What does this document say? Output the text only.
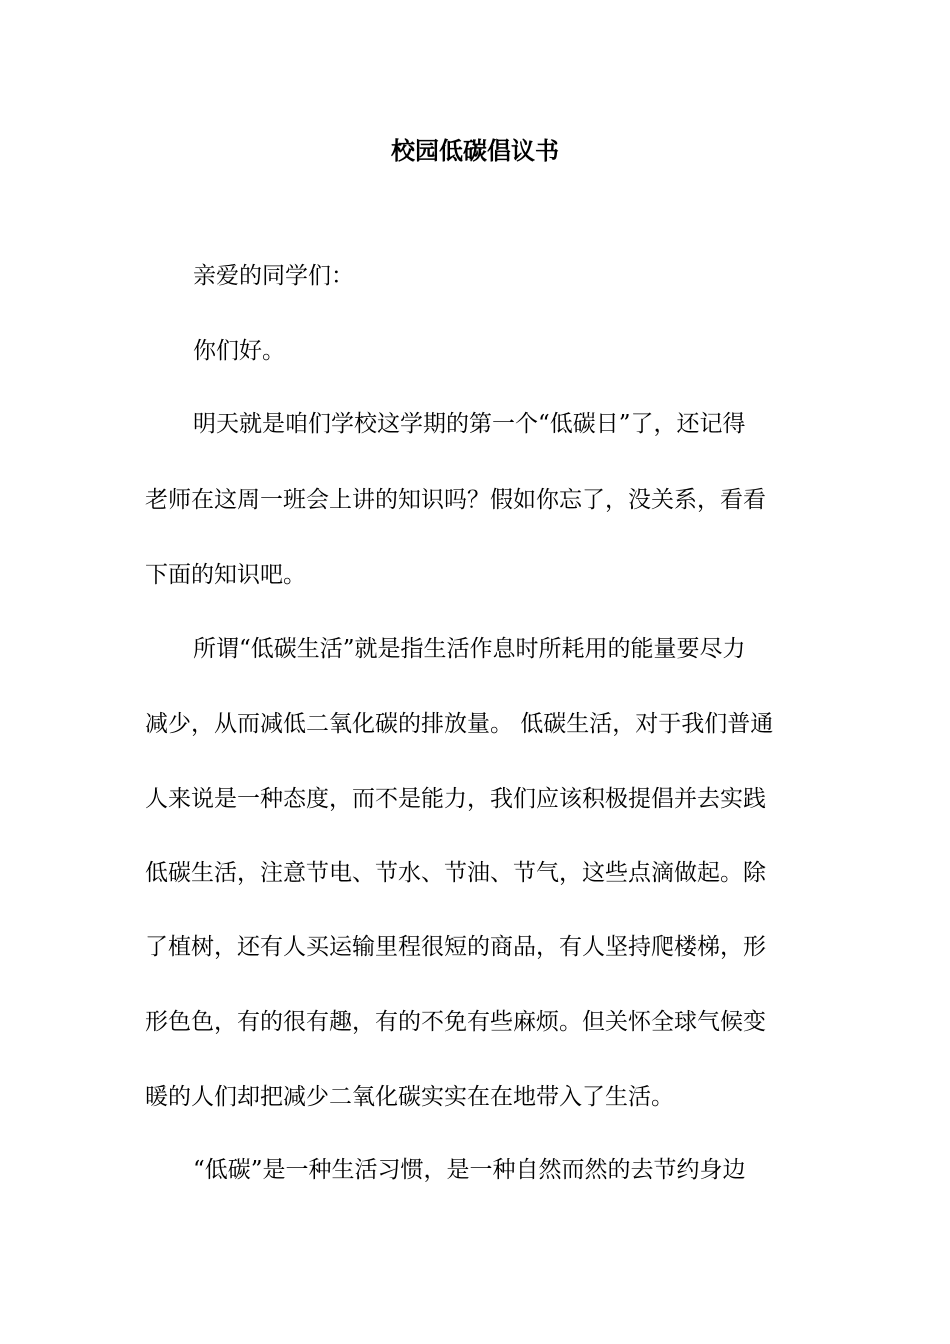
校园低碳倡议书
亲爱的同学们：
你们好。
明天就是咱们学校这学期的第一个“低碳日”了，还记得
老师在这周一班会上讲的知识吗？假如你忘了，没关系，看看
下面的知识吧。
所谓“低碳生活”就是指生活作息时所耗用的能量要尽力
减少，从而减低二氧化碳的排放量。 低碳生活，对于我们普通
人来说是一种态度，而不是能力，我们应该积极提倡并去实践
低碳生活，注意节电、节水、节油、节气，这些点滴做起。除
了植树，还有人买运输里程很短的商品，有人坚持爬楼梯，形
形色色，有的很有趣，有的不免有些麻烦。但关怀全球气候变
暖的人们却把减少二氧化碳实实在在地带入了生活。
“低碳”是一种生活习惯，是一种自然而然的去节约身边
